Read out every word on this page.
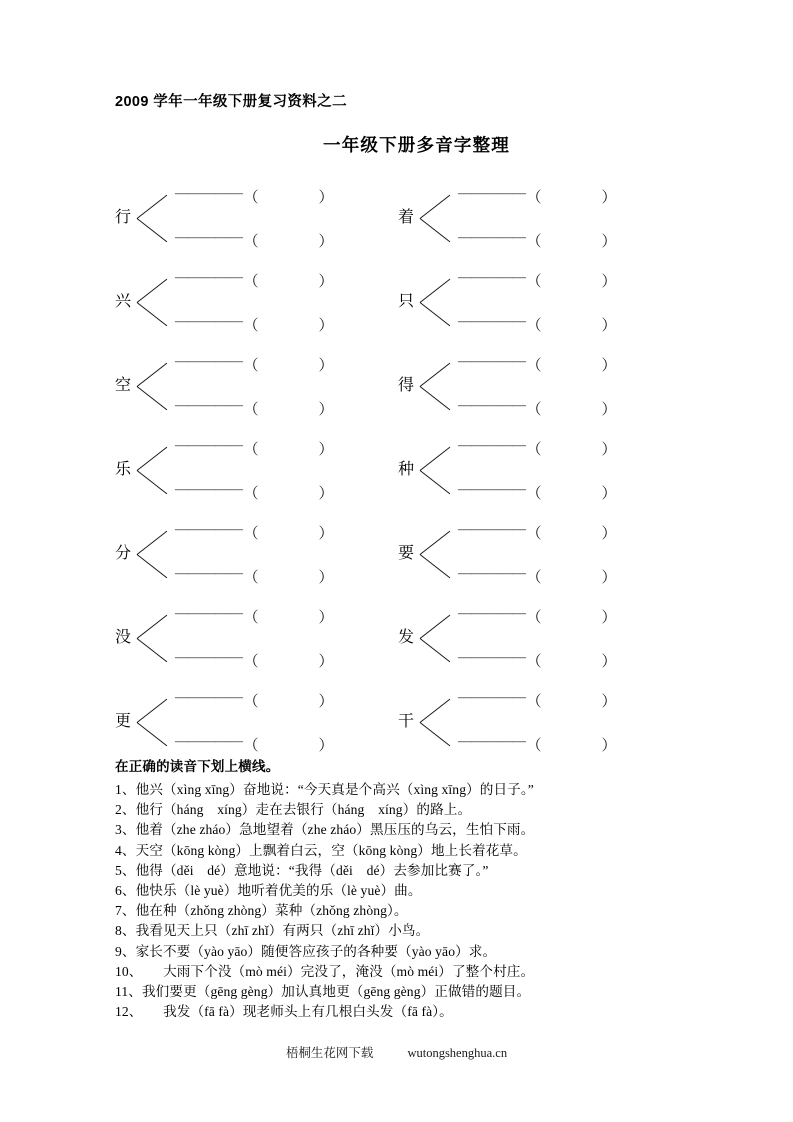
2009 学年一年级下册复习资料之二
一年级下册多音字整理
行
————— （　　　　）
————— （　　　　）
着
————— （　　　　）
————— （　　　　）
兴
————— （　　　　）
————— （　　　　）
只
————— （　　　　）
————— （　　　　）
空
————— （　　　　）
————— （　　　　）
得
————— （　　　　）
————— （　　　　）
乐
————— （　　　　）
————— （　　　　）
种
————— （　　　　）
————— （　　　　）
分
————— （　　　　）
————— （　　　　）
要
————— （　　　　）
————— （　　　　）
没
————— （　　　　）
————— （　　　　）
发
————— （　　　　）
————— （　　　　）
更
————— （　　　　）
————— （　　　　）
干
————— （　　　　）
————— （　　　　）
在正确的读音下划上横线。
1、他兴（xìng xīng）奋地说：“今天真是个高兴（xìng xīng）的日子。”
2、他行（háng　xíng）走在去银行（háng　xíng）的路上。
3、他着（zhe zháo）急地望着（zhe zháo）黑压压的乌云，生怕下雨。
4、天空（kōng kòng）上飘着白云，空（kōng kòng）地上长着花草。
5、他得（děi　dé）意地说：“我得（děi　dé）去参加比赛了。”
6、他快乐（lè yuè）地听着优美的乐（lè yuè）曲。
7、他在种（zhǒng zhòng）菜种（zhǒng zhòng）。
8、我看见天上只（zhī zhǐ）有两只（zhī zhǐ）小鸟。
9、家长不要（yào yāo）随便答应孩子的各种要（yào yāo）求。
10、　　大雨下个没（mò méi）完没了，淹没（mò méi）了整个村庄。
11、我们要更（gēng gèng）加认真地更（gēng gèng）正做错的题目。
12、　　我发（fā fà）现老师头上有几根白头发（fā fà）。
梧桐生花网下载	wutongshenghua.cn
